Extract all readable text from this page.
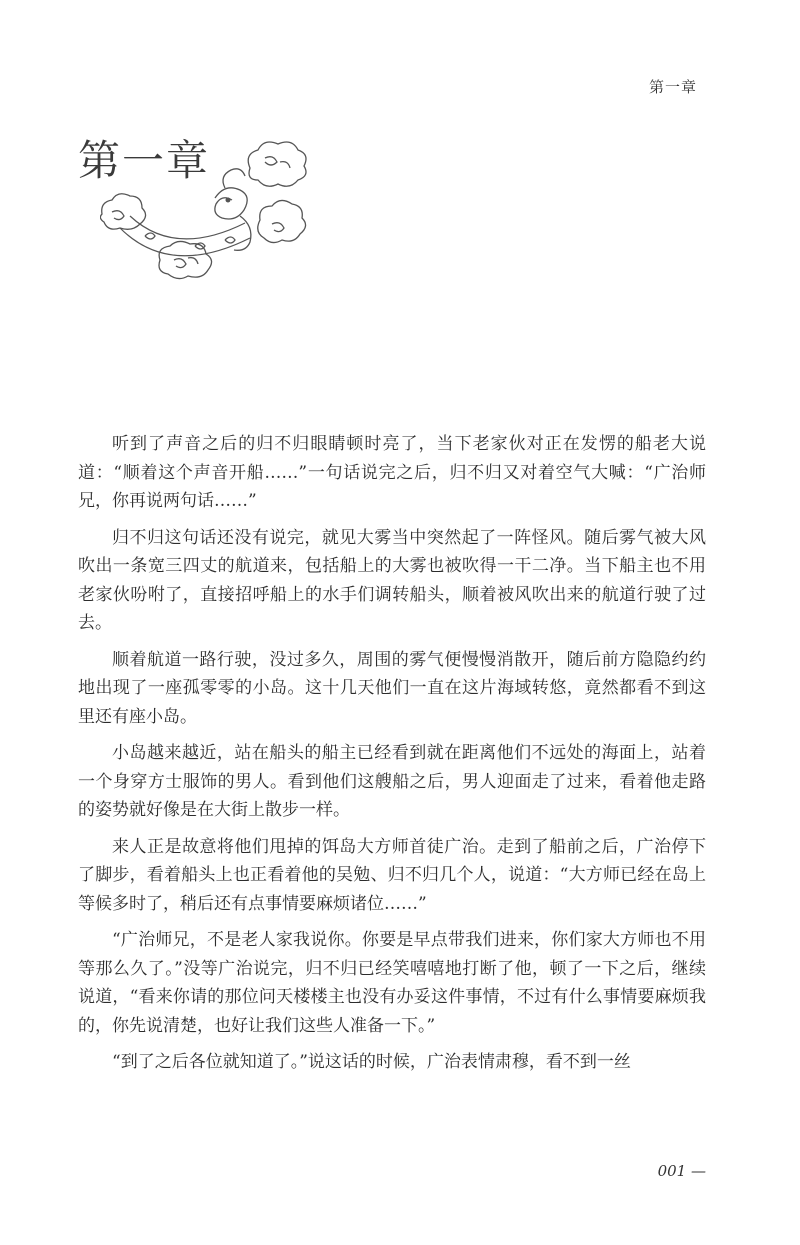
第一章
第一章

听到了声音之后的归不归眼睛顿时亮了，当下老家伙对正在发愣的船老大说道：“顺着这个声音开船……”一句话说完之后，归不归又对着空气大喊：“广治师兄，你再说两句话……”

归不归这句话还没有说完，就见大雾当中突然起了一阵怪风。随后雾气被大风吹出一条宽三四丈的航道来，包括船上的大雾也被吹得一干二净。当下船主也不用老家伙吩咐了，直接招呼船上的水手们调转船头，顺着被风吹出来的航道行驶了过去。

顺着航道一路行驶，没过多久，周围的雾气便慢慢消散开，随后前方隐隐约约地出现了一座孤零零的小岛。这十几天他们一直在这片海域转悠，竟然都看不到这里还有座小岛。

小岛越来越近，站在船头的船主已经看到就在距离他们不远处的海面上，站着一个身穿方士服饰的男人。看到他们这艘船之后，男人迎面走了过来，看着他走路的姿势就好像是在大街上散步一样。

来人正是故意将他们甩掉的饵岛大方师首徒广治。走到了船前之后，广治停下了脚步，看着船头上也正看着他的吴勉、归不归几个人，说道：“大方师已经在岛上等候多时了，稍后还有点事情要麻烦诸位……”

“广治师兄，不是老人家我说你。你要是早点带我们进来，你们家大方师也不用等那么久了。”没等广治说完，归不归已经笑嘻嘻地打断了他，顿了一下之后，继续说道，“看来你请的那位问天楼楼主也没有办妥这件事情，不过有什么事情要麻烦我的，你先说清楚，也好让我们这些人准备一下。”

“到了之后各位就知道了。”说这话的时候，广治表情肃穆，看不到一丝

001 —
